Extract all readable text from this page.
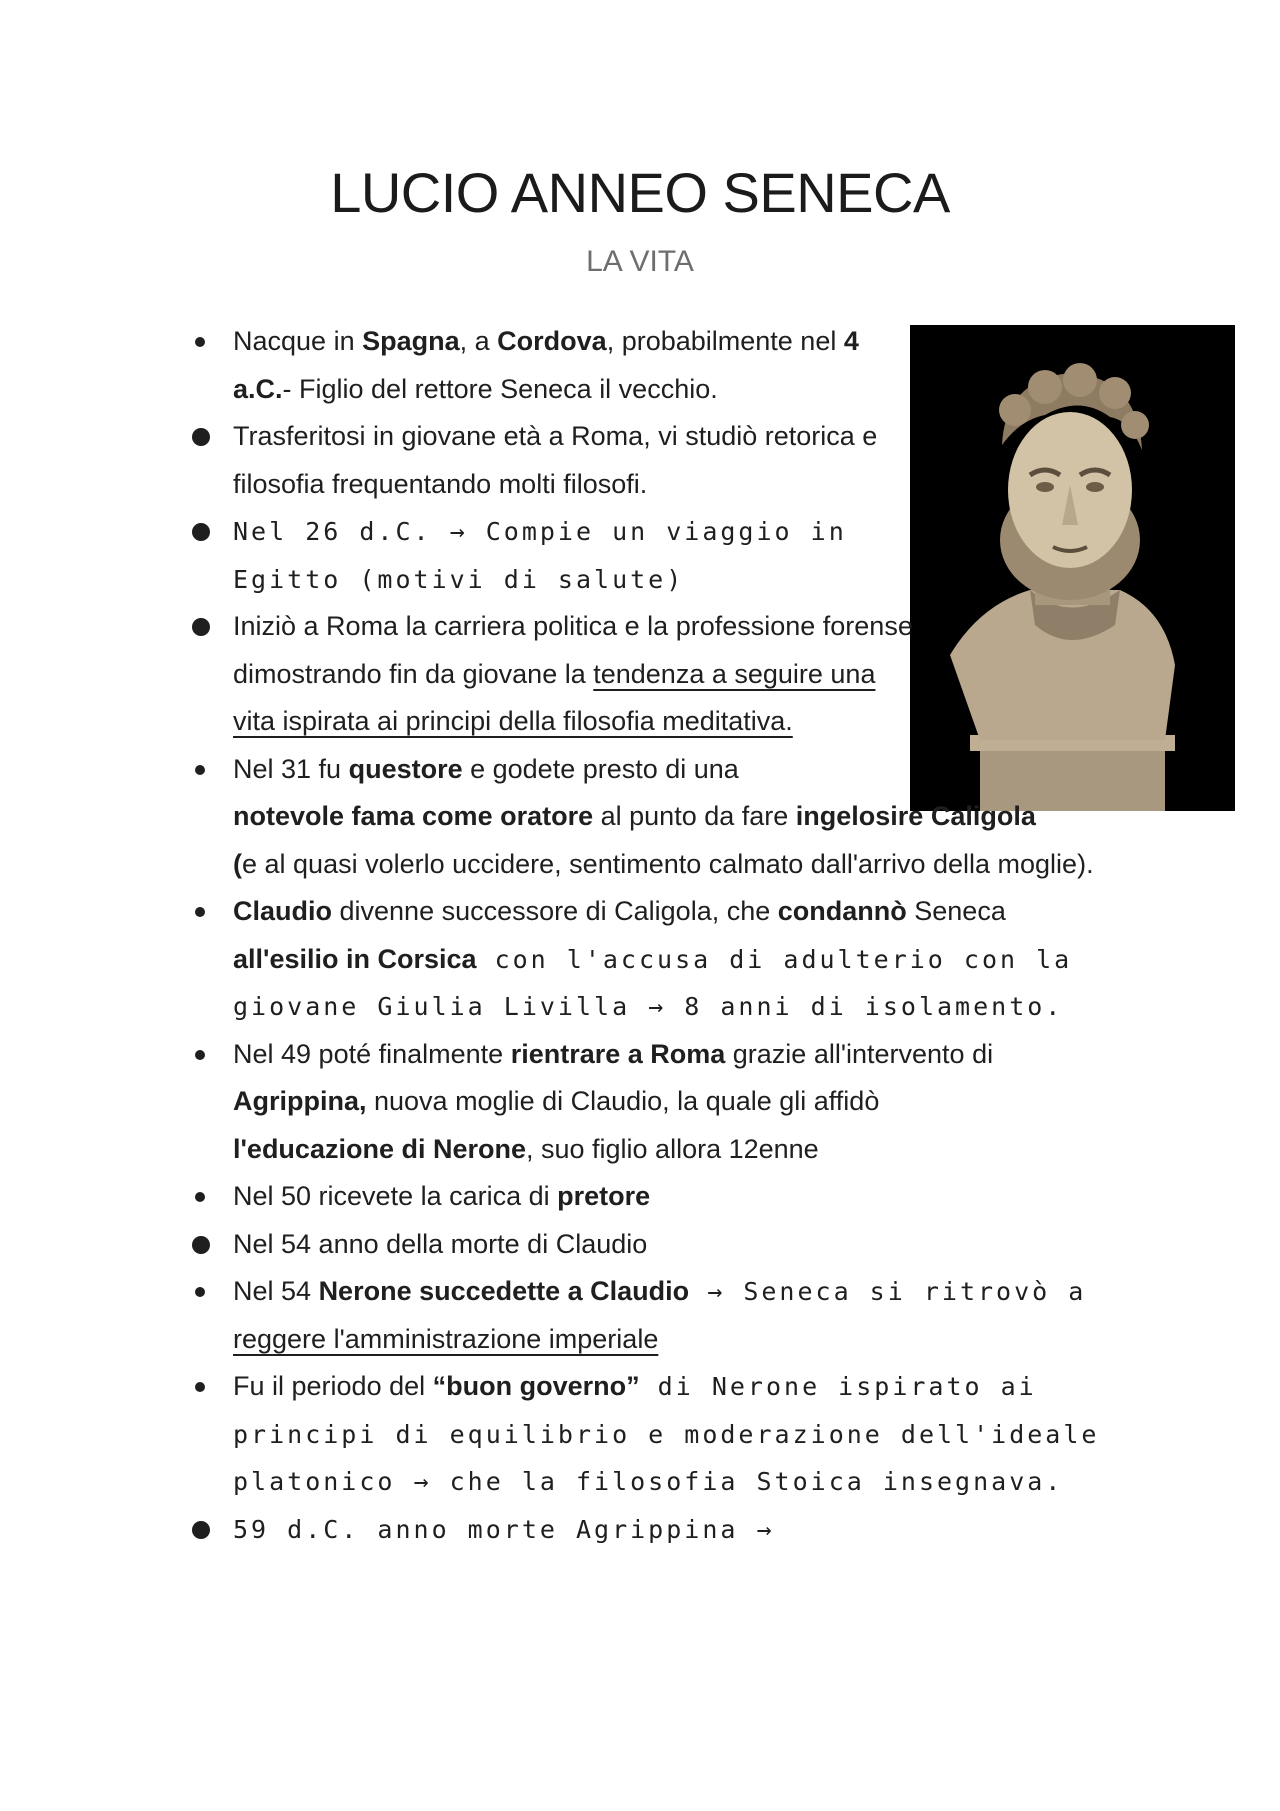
LUCIO ANNEO SENECA
LA VITA
Nacque in Spagna, a Cordova, probabilmente nel 4 a.C.- Figlio del rettore Seneca il vecchio.
Trasferitosi in giovane età a Roma, vi studiò retorica e filosofia frequentando molti filosofi.
Nel 26 d.C. → Compie un viaggio in Egitto (motivi di salute)
Iniziò a Roma la carriera politica e la professione forense dimostrando fin da giovane la tendenza a seguire una vita ispirata ai principi della filosofia meditativa.
Nel 31 fu questore e godete presto di una
notevole fama come oratore al punto da fare ingelosire Caligola
(e al quasi volerlo uccidere, sentimento calmato dall'arrivo della moglie).
Claudio divenne successore di Caligola, che condannò Seneca
all'esilio in Corsica con l'accusa di adulterio con la giovane Giulia Livilla → 8 anni di isolamento.
Nel 49 poté finalmente rientrare a Roma grazie all'intervento di
Agrippina, nuova moglie di Claudio, la quale gli affidò
l'educazione di Nerone, suo figlio allora 12enne
Nel 50 ricevete la carica di pretore
Nel 54 anno della morte di Claudio
Nel 54 Nerone succedette a Claudio → Seneca si ritrovò a
reggere l'amministrazione imperiale
Fu il periodo del “buon governo” di Nerone ispirato ai principi di equilibrio e moderazione dell'ideale platonico → che la filosofia Stoica insegnava.
59 d.C. anno morte Agrippina →
